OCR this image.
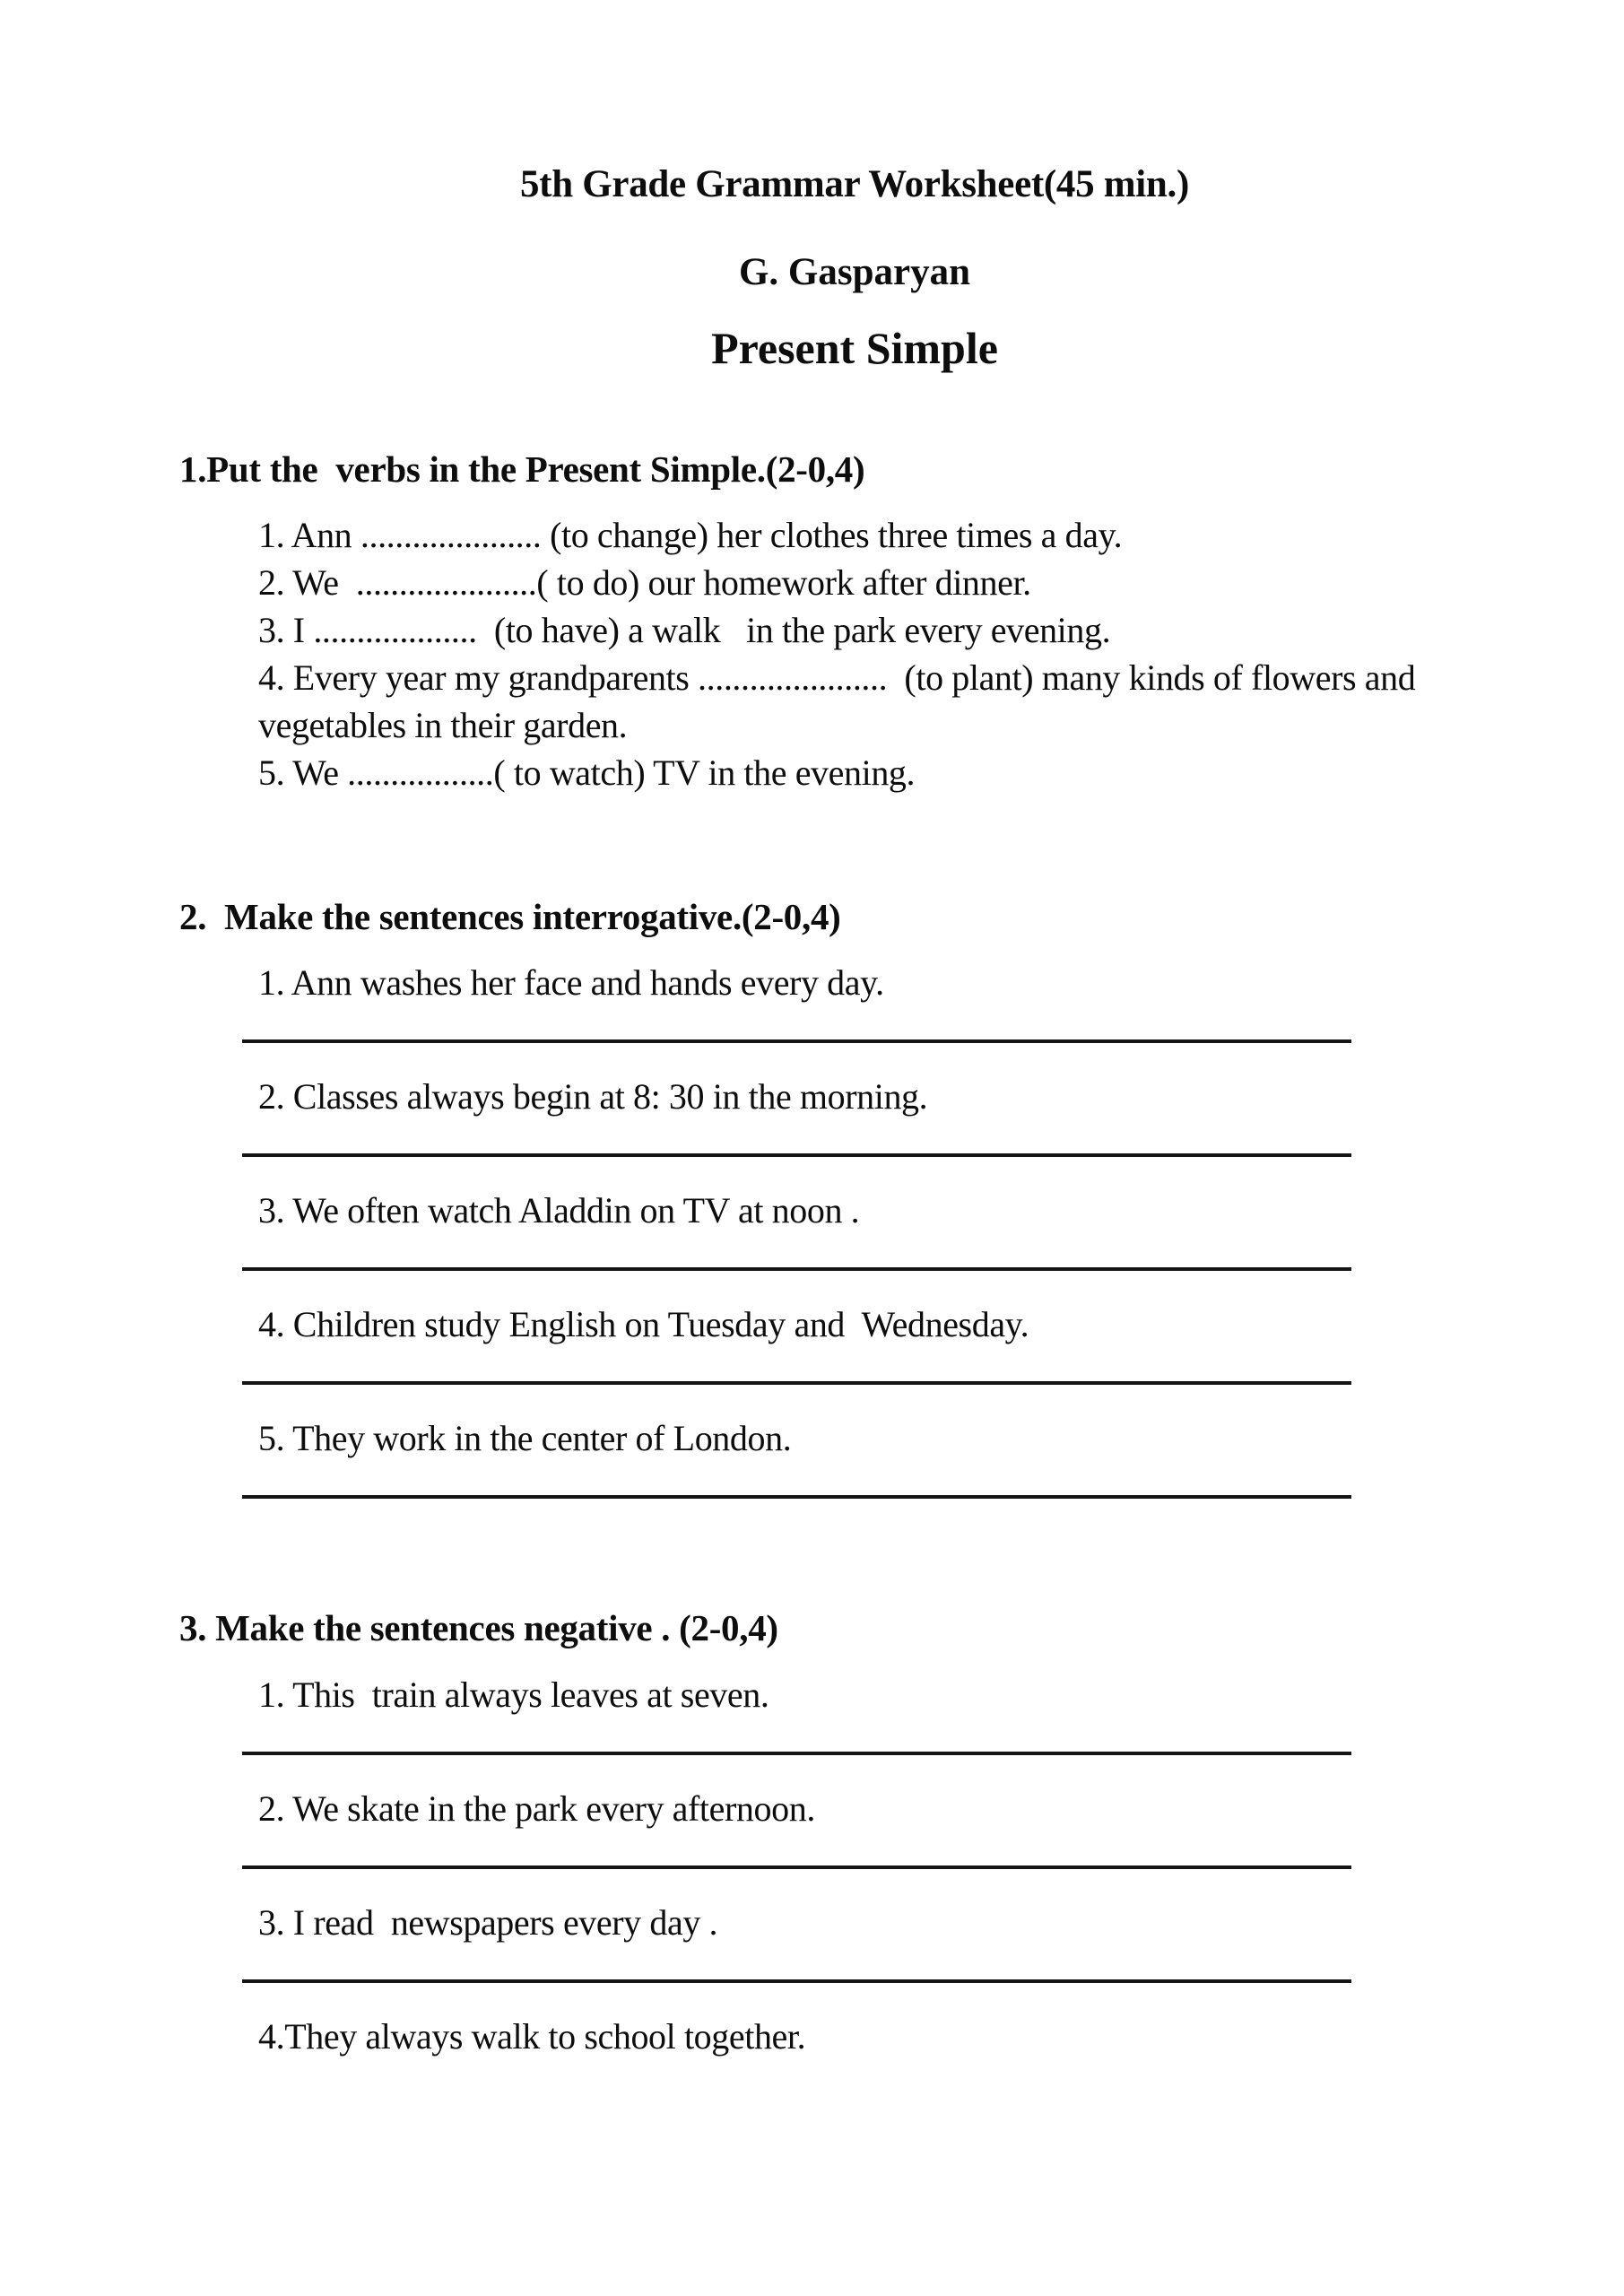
5th Grade Grammar Worksheet(45 min.)
G. Gasparyan
Present Simple
1.Put the  verbs in the Present Simple.(2-0,4)

1. Ann ..................... (to change) her clothes three times a day.

2. We  .....................( to do) our homework after dinner.

3. I ...................  (to have) a walk   in the park every evening.

4. Every year my grandparents ......................  (to plant) many kinds of flowers and

vegetables in their garden.

5. We .................( to watch) TV in the evening.

2.  Make the sentences interrogative.(2-0,4)

1. Ann washes her face and hands every day.

2. Classes always begin at 8: 30 in the morning.

3. We often watch Aladdin on TV at noon .

4. Children study English on Tuesday and  Wednesday.

5. They work in the center of London.

3. Make the sentences negative . (2-0,4)

1. This  train always leaves at seven.

2. We skate in the park every afternoon.

3. I read  newspapers every day .

4.They always walk to school together.
